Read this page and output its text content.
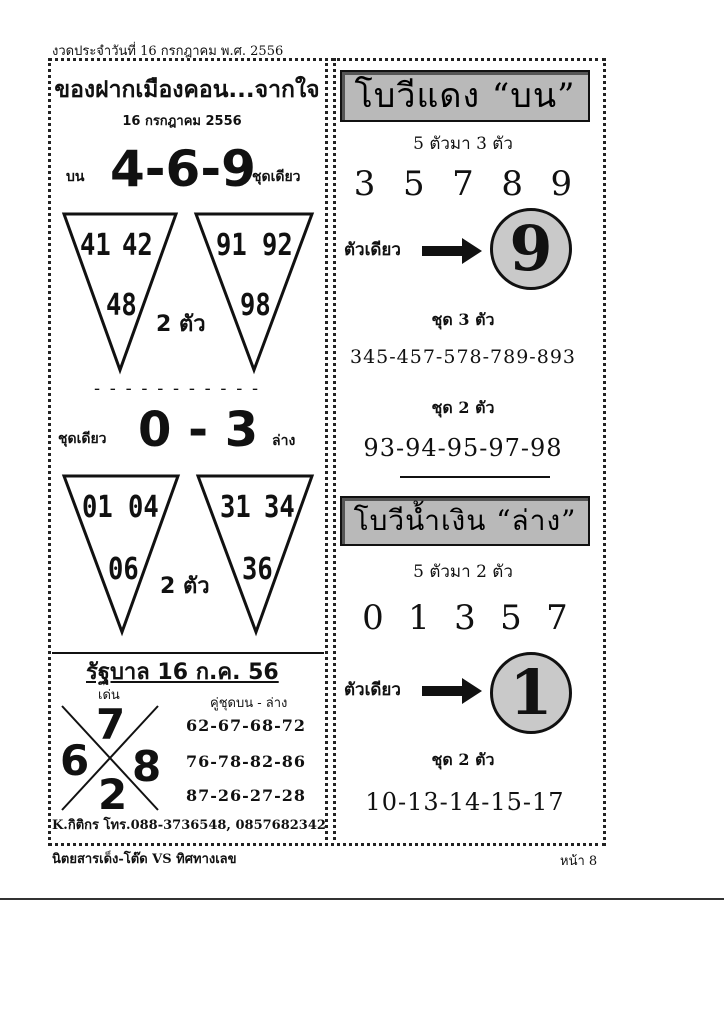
งวดประจำวันที่ 16 กรกฎาคม พ.ศ. 2556
ของฝากเมืองคอน...จากใจ
16 กรกฎาคม 2556
บน 4-6-9
ชุดเดียว
41 42
48
91 92
98
2 ตัว
- - - - - - - - - - -
ชุดเดียว 0 - 3 ล่าง
01 04
06
31 34
36
2 ตัว
รัฐบาล 16 ก.ค. 56
เด่น
คู่ชุดบน - ล่าง
7
6 8
2
62-67-68-72
76-78-82-86
87-26-27-28
K.กิติกร โทร.088-3736548, 0857682342
โบวีแดง “บน”
5 ตัวมา 3 ตัว
3 5 7 8 9
ตัวเดียว	9
ชุด 3 ตัว
345-457-578-789-893
ชุด 2 ตัว
93-94-95-97-98
โบวีน้ำเงิน “ล่าง”
5 ตัวมา 2 ตัว
0 1 3 5 7
ตัวเดียว	1
ชุด 2 ตัว
10-13-14-15-17
นิตยสารเด็ง-โต๊ด VS ทิศทางเลข	หน้า 8
